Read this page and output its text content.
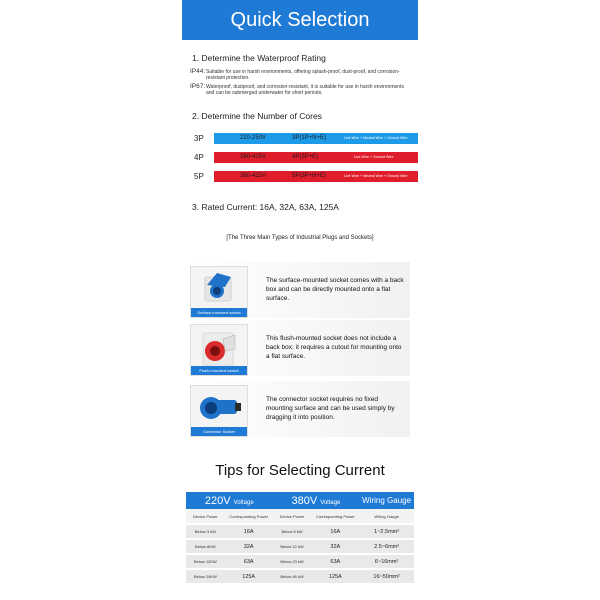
Quick Selection
1. Determine the Waterproof Rating
IP44:Suitable for use in harsh environments, offering splash-proof, dust-proof, and corrosion-resistant protection.
IP67:Waterproof, dustproof, and corrosion-resistant, it is suitable for use in harsh environments and can be submerged underwater for short periods.
2. Determine the Number of Cores
3P	220-250V	3P(1P+N+E)	Live Wire + Neutral Wire + Ground Wire
4P	380-415V	4P(3P+E)	Live Wire + Ground Wire
5P	380-415V	5P(3P+N+E)	Live Wire + Neutral Wire + Ground Wire
3. Rated Current: 16A, 32A, 63A, 125A
[The Three Main Types of Industrial Plugs and Sockets]
Surface-mounted socket
The surface-mounted socket comes with a back box and can be directly mounted onto a flat surface.
Flush-mounted socket
This flush-mounted socket does not include a back box; it requires a cutout for mounting onto a flat surface.
Connector Socket
The connector socket requires no fixed mounting surface and can be used simply by dragging it into position.
Tips for Selecting Current
220V Voltage		380V Voltage		Wiring Gauge
Device Power	Corresponding Power	Device Power	Corresponding Power	Wiring Gauge
Below 3 kW	16A	Below 6 kW	16A	1~2.5mm²
Below 6KW	32A	Below 12 kW	32A	2.5~6mm²
Below 12KW	63A	Below 23 kW	63A	6~16mm²
Below 24KW	125A	Below 46 kW	125A	16~50mm²
